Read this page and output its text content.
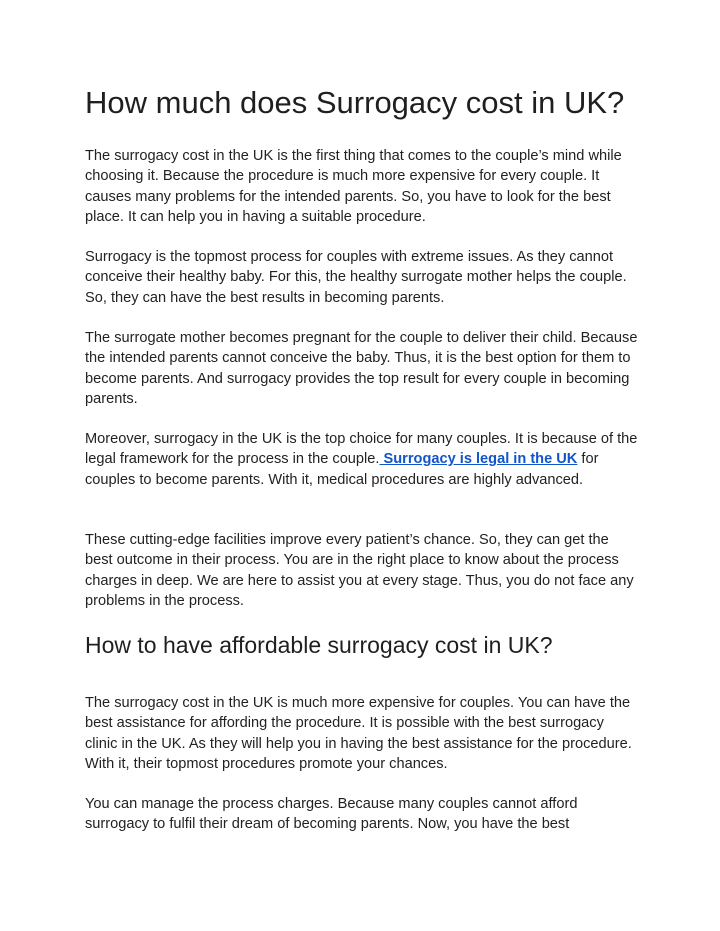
How much does Surrogacy cost in UK?

The surrogacy cost in the UK is the first thing that comes to the couple’s mind while choosing it. Because the procedure is much more expensive for every couple. It causes many problems for the intended parents. So, you have to look for the best place. It can help you in having a suitable procedure.

Surrogacy is the topmost process for couples with extreme issues. As they cannot conceive their healthy baby. For this, the healthy surrogate mother helps the couple. So, they can have the best results in becoming parents.

The surrogate mother becomes pregnant for the couple to deliver their child. Because the intended parents cannot conceive the baby. Thus, it is the best option for them to become parents. And surrogacy provides the top result for every couple in becoming parents.

Moreover, surrogacy in the UK is the top choice for many couples. It is because of the legal framework for the process in the couple. Surrogacy is legal in the UK for couples to become parents. With it, medical procedures are highly advanced.

These cutting-edge facilities improve every patient’s chance. So, they can get the best outcome in their process. You are in the right place to know about the process charges in deep. We are here to assist you at every stage. Thus, you do not face any problems in the process.

How to have affordable surrogacy cost in UK?

The surrogacy cost in the UK is much more expensive for couples. You can have the best assistance for affording the procedure. It is possible with the best surrogacy clinic in the UK. As they will help you in having the best assistance for the procedure. With it, their topmost procedures promote your chances.

You can manage the process charges. Because many couples cannot afford surrogacy to fulfil their dream of becoming parents. Now, you have the best
